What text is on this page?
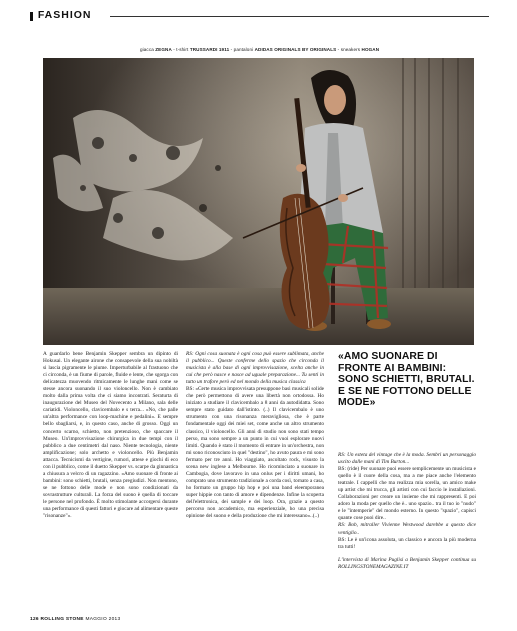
FASHION
giacca ZEGNA - t-shirt TRUSSARDI 1911 - pantaloni ADIDAS ORIGINALS BY ORIGINALS - sneakers HOGAN

A guardarlo bene Benjamin Skepper sembra un dipinto di Hokusai. Un elegante airone che consapevole della sua nobiltà si lascia pigramente le piume. Imperturbabile al frastuono che ci circonda, è un fiume di parole, fluide e lente, che sgorga con delicatezza muovendo ritmicamente le lunghe mani come se stesse ancora suonando il suo violoncello. Non è cambiato molto dalla prima volta che ci siamo incontrati. Seraturta di inaugurazione del Museo del Novecento a Milano, sala delle cariatidi. Violoncello, clavicembalo e s terra... «No, che palle un'altra performance con loop-machine e pedalini». E sempre bello sbagliarsi, e, in questo caso, anche di grosso. Oggi un concerto scarno, schietto, non pretenzioso, che spaccare il Museo. Un'improvvisazione chirurgica in due tempi con il pubblico a due centimetri dal naso. Niente tecnologia, niente amplificazione; solo archetto e violoncello. Più Benjamin attacca. Tecnicismi da vertigine, rumori, attese e giochi di eco con il pubblico, come il duetto Skepper vs. scarpe da ginnastica a chiusura a velcro di un ragazzino. «Amo suonare di fronte ai bambini: sono schietti, brutali, senza pregiudizi. Non mentono, se ne fottono delle mode e non sono condizionati da sovrastrutture culturali. La forza del suono è quella di toccare le persone nel profondo. È molto stimolante accorgersi durante una performance di questi fattori e giocare ad alimentare queste "risonanze"».

RS: Ogni cosa suonata è ogni cosa può essere sublimata, anche il pubblico... Queste conferme dello spazio che circonda il musicista è alla base di ogni improvvisazione, scelta anche in cui che però nasce e nasce ad uguale preparazione... Tu senti in tutto un trafore però ed nel mondo della musica classica

BS: «Certe musica improvvisata presuppone basi musicali solide che però permettono di avere una libertà non ortodossa. Ho iniziato a studiare il clavicembalo a 8 anni da autodidatta. Sono sempre stato guidato dall'istinto. (..) Il clavicembalo è uno strumento con una risonanza meravigliosa, che è parte fondamentale oggi dei miei set, come anche un altro strumento classico, il violoncello. Gli anni di studio non sono stati tempo perso, ma sono sempre a un punto in cui vuoi esplorare nuovi limiti. Quando è stato il momento di entrare in un'orchestra, non mi sono riconosciuto in quel "destino", ho avuto paura e mi sono fermato per tre anni. Ho viaggiato, ascoltato rock, visusto la scena new inglese a Melbourne. Ho ricominciato a suonare in Cambogia, dove lavoravo in una onlus per i diritti umani, ho comprato uno strumento tradizionale a corda così, tornato a casa, ho formato un gruppo hip hop e poi una band eleemporanea super hippie con tanto di amore e dipendenze. Infine la scoperta dell'elettronica, dei sample e dei loop. Ora, grazie a questo percorso non accademico, ma esperienziale, ho una precisa opinione del suono e della produzione che mi interessano»..(..)

«AMO SUONARE DI FRONTE AI BAMBINI: SONO SCHIETTI, BRUTALI. E SE NE FOTTONO DELLE MODE»

RS: Un esteta del vintage che è la moda. Sembri un personaggio uscito dalle mani di Tim Burton...

BS: (ride) Per suonare puoi essere semplicemente un musicista e quello è il cuore della cosa, ma a me piace anche l'elemento teatrale. I cappelli che ma realizza mia sorella, un amico make up artist che mi trucca, gli artisti con cui faccio le installazioni. Collaborazioni per creare un insieme che mi rappresenti. E poi adoro la moda per quello che è.. uno spazio.. tra il tuo io "nudo" e le "intemperie" del mondo esterno. In questo "spazio", capisci quante cose puoi dire..

RS: Bob, mitraller Vivienne Westwood darebbe a questo dice ventiglio..

BS: Le è un'icona assoluta, un classico e ancora la più moderna tra tutti!

Lʼintervista di Marina Puglisi a Benjamin Skepper continua su ROLLINGSTONEMAGAZINE.IT

126 ROLLING STONE MAGGIO 2013
